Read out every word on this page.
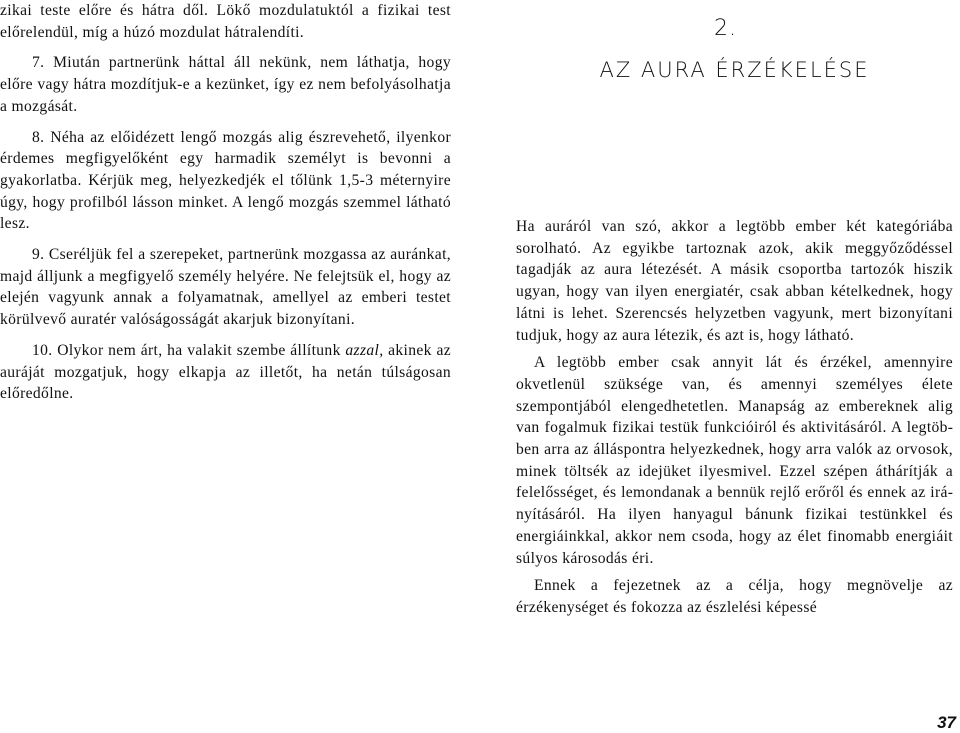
zikai teste előre és hátra dől. Lökő mozdulatuktól a fizikai test előrelendül, míg a húzó mozdulat hátralendíti.

7. Miután partnerünk háttal áll nekünk, nem láthatja, hogy előre vagy hátra mozdítjuk-e a kezünket, így ez nem befolyásolhatja a mozgását.

8. Néha az előidézett lengő mozgás alig észrevehető, ilyenkor érdemes megfigyelőként egy harmadik személyt is bevonni a gyakorlatba. Kérjük meg, helyezkedjék el tőlünk 1,5-3 méternyire úgy, hogy profilból lásson minket. A lengő mozgás szemmel látható lesz.

9. Cseréljük fel a szerepeket, partnerünk mozgassa az auránkat, majd álljunk a megfigyelő személy helyére. Ne felejtsük el, hogy az elején vagyunk annak a folyamatnak, amellyel az emberi testet körülvevő auratér valóságosságát akarjuk bizonyítani.

10. Olykor nem árt, ha valakit szembe állítunk azzal, akinek az auráját mozgatjuk, hogy elkapja az illetőt, ha netán túlságosan előredőlne.

2.
AZ AURA ÉRZÉKELÉSE

Ha auráról van szó, akkor a legtöbb ember két kategóriába sorolható. Az egyikbe tartoznak azok, akik meggyőződéssel tagadják az aura létezését. A másik csoportba tartozók hiszik ugyan, hogy van ilyen energiatér, csak abban kételkednek, hogy látni is lehet. Szerencsés helyzetben vagyunk, mert bizonyítani tudjuk, hogy az aura létezik, és azt is, hogy látható.

A legtöbb ember csak annyit lát és érzékel, amennyire okvetlenül szüksége van, és amennyi személyes élete szempontjából elengedhetetlen. Manapság az embereknek alig van fogalmuk fizikai testük funkcióiról és aktivitásáról. A legtöbben arra az álláspontra helyezkednek, hogy arra valók az orvosok, minek töltsék az idejüket ilyesmivel. Ezzel szépen áthárítják a felelősséget, és lemondanak a bennük rejlő erőről és ennek az irányításáról. Ha ilyen hanyagul bánunk fizikai testünkkel és energiáinkkal, akkor nem csoda, hogy az élet finomabb energiáit súlyos károsodás éri.

Ennek a fejezetnek az a célja, hogy megnövelje az érzékenységet és fokozza az észlelési képessé

37
